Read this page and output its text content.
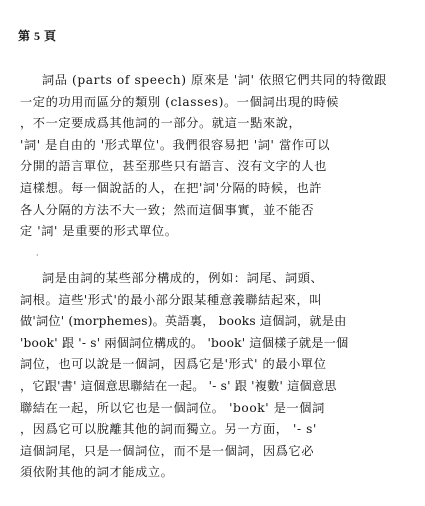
第 5 頁
詞品 (parts of speech) 原來是 '詞' 依照它們共同的特徵跟
一定的功用而區分的類別 (classes)。一個詞出現的時候
，不一定要成爲其他詞的一部分。就這一點來說，
'詞' 是自由的 '形式單位'。我們很容易把 '詞' 當作可以
分開的語言單位，甚至那些只有語言、沒有文字的人也
這樣想。每一個說話的人，在把'詞'分隔的時候，也許
各人分隔的方法不大一致；然而這個事實，並不能否
定 '詞' 是重要的形式單位。
·
詞是由詞的某些部分構成的，例如：詞尾、詞頭、
詞根。這些'形式'的最小部分跟某種意義聯結起來，叫
做'詞位' (morphemes)。英語裏， books 這個詞，就是由
'book' 跟 '- s' 兩個詞位構成的。 'book' 這個樣子就是一個
詞位，也可以說是一個詞，因爲它是'形式' 的最小單位
，它跟'書' 這個意思聯結在一起。 '- s' 跟 '複數' 這個意思
聯結在一起，所以它也是一個詞位。 'book' 是一個詞
，因爲它可以脫離其他的詞而獨立。另一方面， '- s'
這個詞尾，只是一個詞位，而不是一個詞，因爲它必
須依附其他的詞才能成立。
